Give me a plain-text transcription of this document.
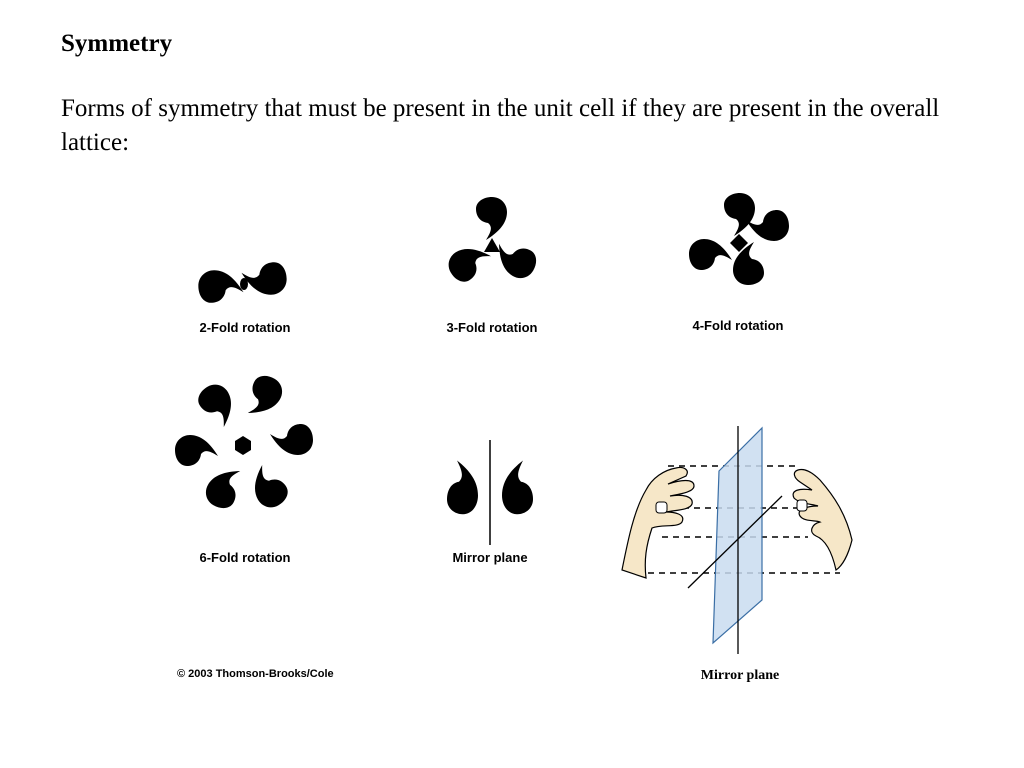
Symmetry
Forms of symmetry that must be present in the unit cell if they are present in the overall lattice:
2-Fold rotation	3-Fold rotation	4-Fold rotation
6-Fold rotation	Mirror plane
Mirror plane
© 2003 Thomson-Brooks/Cole
